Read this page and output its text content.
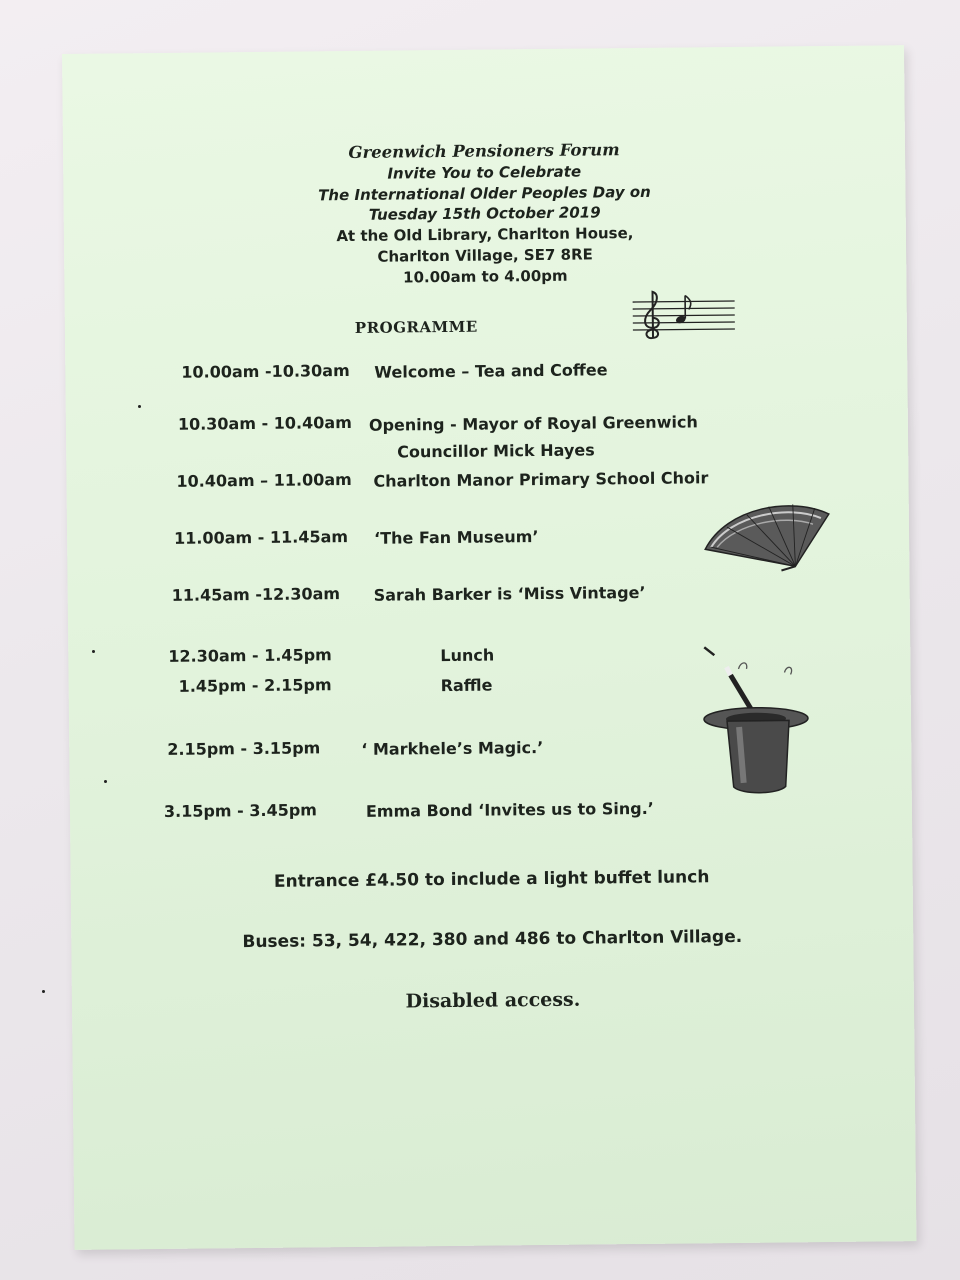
Greenwich Pensioners Forum
Invite You to Celebrate
The International Older Peoples Day on
Tuesday 15th October 2019
At the Old Library, Charlton House,
Charlton Village, SE7 8RE
10.00am to 4.00pm
PROGRAMME
10.00am -10.30am Welcome – Tea and Coffee
10.30am - 10.40am Opening - Mayor of Royal Greenwich
Councillor Mick Hayes
10.40am – 11.00am Charlton Manor Primary School Choir
11.00am - 11.45am ‘The Fan Museum’
11.45am -12.30am Sarah Barker is ‘Miss Vintage’
12.30am - 1.45pm	Lunch
1.45pm - 2.15pm	Raffle
2.15pm - 3.15pm	‘ Markhele’s Magic.’
3.15pm - 3.45pm	Emma Bond ‘Invites us to Sing.’
Entrance £4.50 to include a light buffet lunch
Buses: 53, 54, 422, 380 and 486 to Charlton Village.
Disabled access.
